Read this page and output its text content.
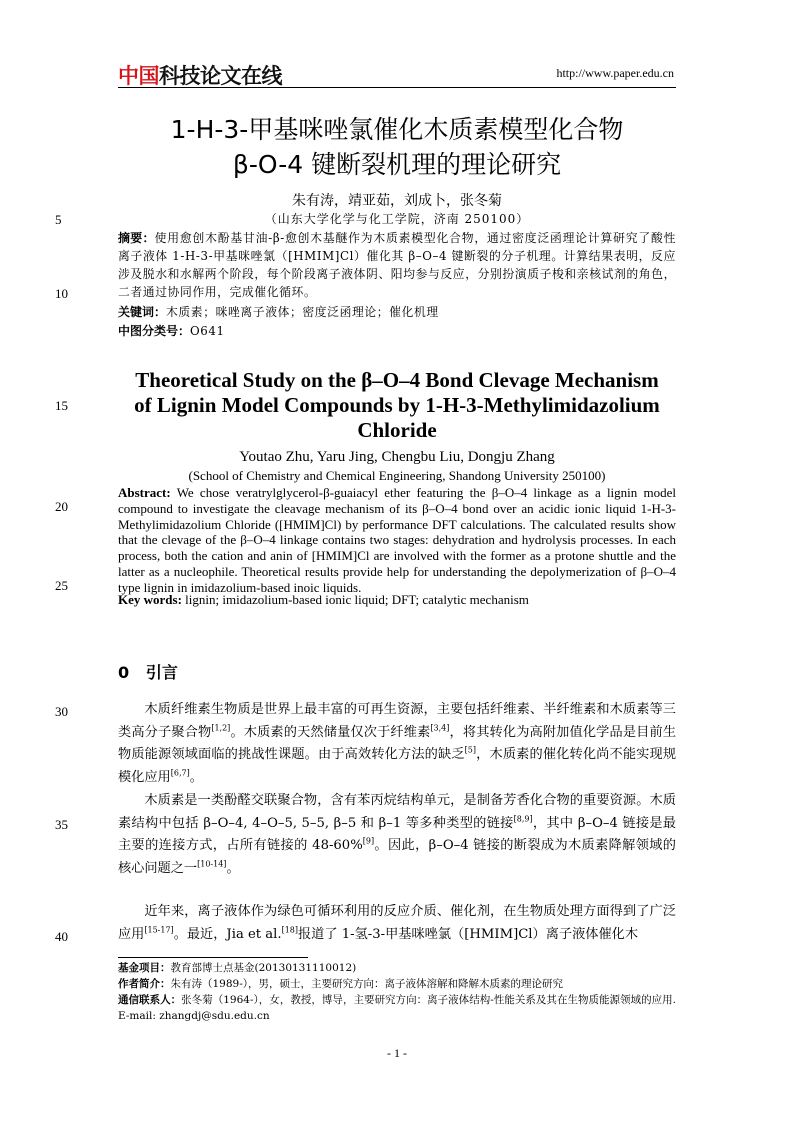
中国科技论文在线	http://www.paper.edu.cn
1-H-3-甲基咪唑氯催化木质素模型化合物
β-O-4 键断裂机理的理论研究
朱有涛，靖亚茹，刘成卜，张冬菊
（山东大学化学与化工学院，济南 250100）
摘要：使用愈创木酚基甘油-β-愈创木基醚作为木质素模型化合物，通过密度泛函理论计算研究了酸性离子液体 1-H-3-甲基咪唑氯（[HMIM]Cl）催化其 β–O–4 键断裂的分子机理。计算结果表明，反应涉及脱水和水解两个阶段，每个阶段离子液体阴、阳均参与反应，分别扮演质子梭和亲核试剂的角色，二者通过协同作用，完成催化循环。
关键词：木质素；咪唑离子液体；密度泛函理论；催化机理
中图分类号：O641
Theoretical Study on the β–O–4 Bond Clevage Mechanism
of Lignin Model Compounds by 1-H-3-Methylimidazolium
Chloride
Youtao Zhu, Yaru Jing, Chengbu Liu, Dongju Zhang
(School of Chemistry and Chemical Engineering, Shandong University 250100)
Abstract: We chose veratrylglycerol-β-guaiacyl ether featuring the β–O–4 linkage as a lignin model compound to investigate the cleavage mechanism of its β–O–4 bond over an acidic ionic liquid 1-H-3-Methylimidazolium Chloride ([HMIM]Cl) by performance DFT calculations. The calculated results show that the clevage of the β–O–4 linkage contains two stages: dehydration and hydrolysis processes. In each process, both the cation and anin of [HMIM]Cl are involved with the former as a protone shuttle and the latter as a nucleophile. Theoretical results provide help for understanding the depolymerization of β–O–4 type lignin in imidazolium-based inoic liquids.
Key words: lignin; imidazolium-based ionic liquid; DFT; catalytic mechanism
0 引言

木质纤维素生物质是世界上最丰富的可再生资源，主要包括纤维素、半纤维素和木质素等三类高分子聚合物[1,2]。木质素的天然储量仅次于纤维素[3,4]，将其转化为高附加值化学品是目前生物质能源领域面临的挑战性课题。由于高效转化方法的缺乏[5]，木质素的催化转化尚不能实现规模化应用[6,7]。

木质素是一类酚醛交联聚合物，含有苯丙烷结构单元，是制备芳香化合物的重要资源。木质素结构中包括 β–O–4, 4–O–5, 5–5, β–5 和 β–1 等多种类型的链接[8,9]，其中 β–O–4 链接是最主要的连接方式，占所有链接的 48-60%[9]。因此，β–O–4 链接的断裂成为木质素降解领域的核心问题之一[10-14]。

近年来，离子液体作为绿色可循环利用的反应介质、催化剂，在生物质处理方面得到了广泛应用[15-17]。最近，Jia et al.[18]报道了 1-氢-3-甲基咪唑氯（[HMIM]Cl）离子液体催化木

5
10
15
20
25
30
35
40
基金项目：教育部博士点基金(20130131110012)
作者简介：朱有涛（1989-），男，硕士，主要研究方向：离子液体溶解和降解木质素的理论研究
通信联系人：张冬菊（1964-），女，教授，博导，主要研究方向：离子液体结构-性能关系及其在生物质能源领域的应用. E-mail: zhangdj@sdu.edu.cn
- 1 -
